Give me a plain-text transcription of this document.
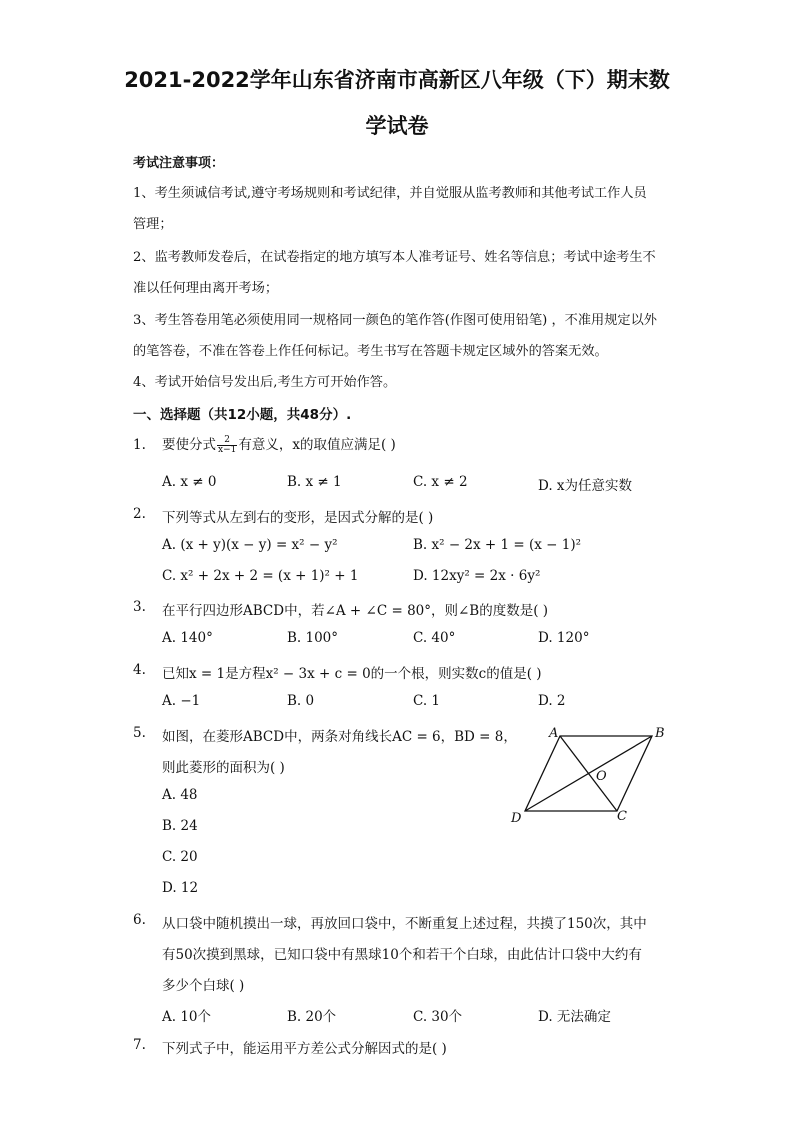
2021-2022学年山东省济南市高新区八年级（下）期末数
学试卷
考试注意事项：
1、考生须诚信考试,遵守考场规则和考试纪律，并自觉服从监考教师和其他考试工作人员
管理；
2、监考教师发卷后，在试卷指定的地方填写本人准考证号、姓名等信息；考试中途考生不
准以任何理由离开考场；
3、考生答卷用笔必须使用同一规格同一颜色的笔作答(作图可使用铅笔) ，不准用规定以外
的笔答卷，不准在答卷上作任何标记。考生书写在答题卡规定区域外的答案无效。
4、考试开始信号发出后,考生方可开始作答。
一、选择题（共12小题，共48分）.
1. 要使分式 $\frac{2}{x-1}$ 有意义，x的取值应满足( )
A. x ≠ 0	B. x ≠ 1	C. x ≠ 2	D. x为任意实数
2. 下列等式从左到右的变形，是因式分解的是( )
A. (x + y)(x − y) = x² − y²	B. x² − 2x + 1 = (x − 1)²
C. x² + 2x + 2 = (x + 1)² + 1	D. 12xy² = 2x · 6y²
3. 在平行四边形ABCD中，若∠A + ∠C = 80°，则∠B的度数是( )
A. 140°	B. 100°	C. 40°	D. 120°
4. 已知x = 1是方程x² − 3x + c = 0的一个根，则实数c的值是( )
A. −1	B. 0	C. 1	D. 2
5. 如图，在菱形ABCD中，两条对角线长AC = 6，BD = 8，
则此菱形的面积为( )
A. 48
B. 24
C. 20
D. 12
A	B
C
D
O
6. 从口袋中随机摸出一球，再放回口袋中，不断重复上述过程，共摸了150次，其中
有50次摸到黑球，已知口袋中有黑球10个和若干个白球，由此估计口袋中大约有
多少个白球( )
A. 10个	B. 20个	C. 30个	D. 无法确定
7. 下列式子中，能运用平方差公式分解因式的是( )
